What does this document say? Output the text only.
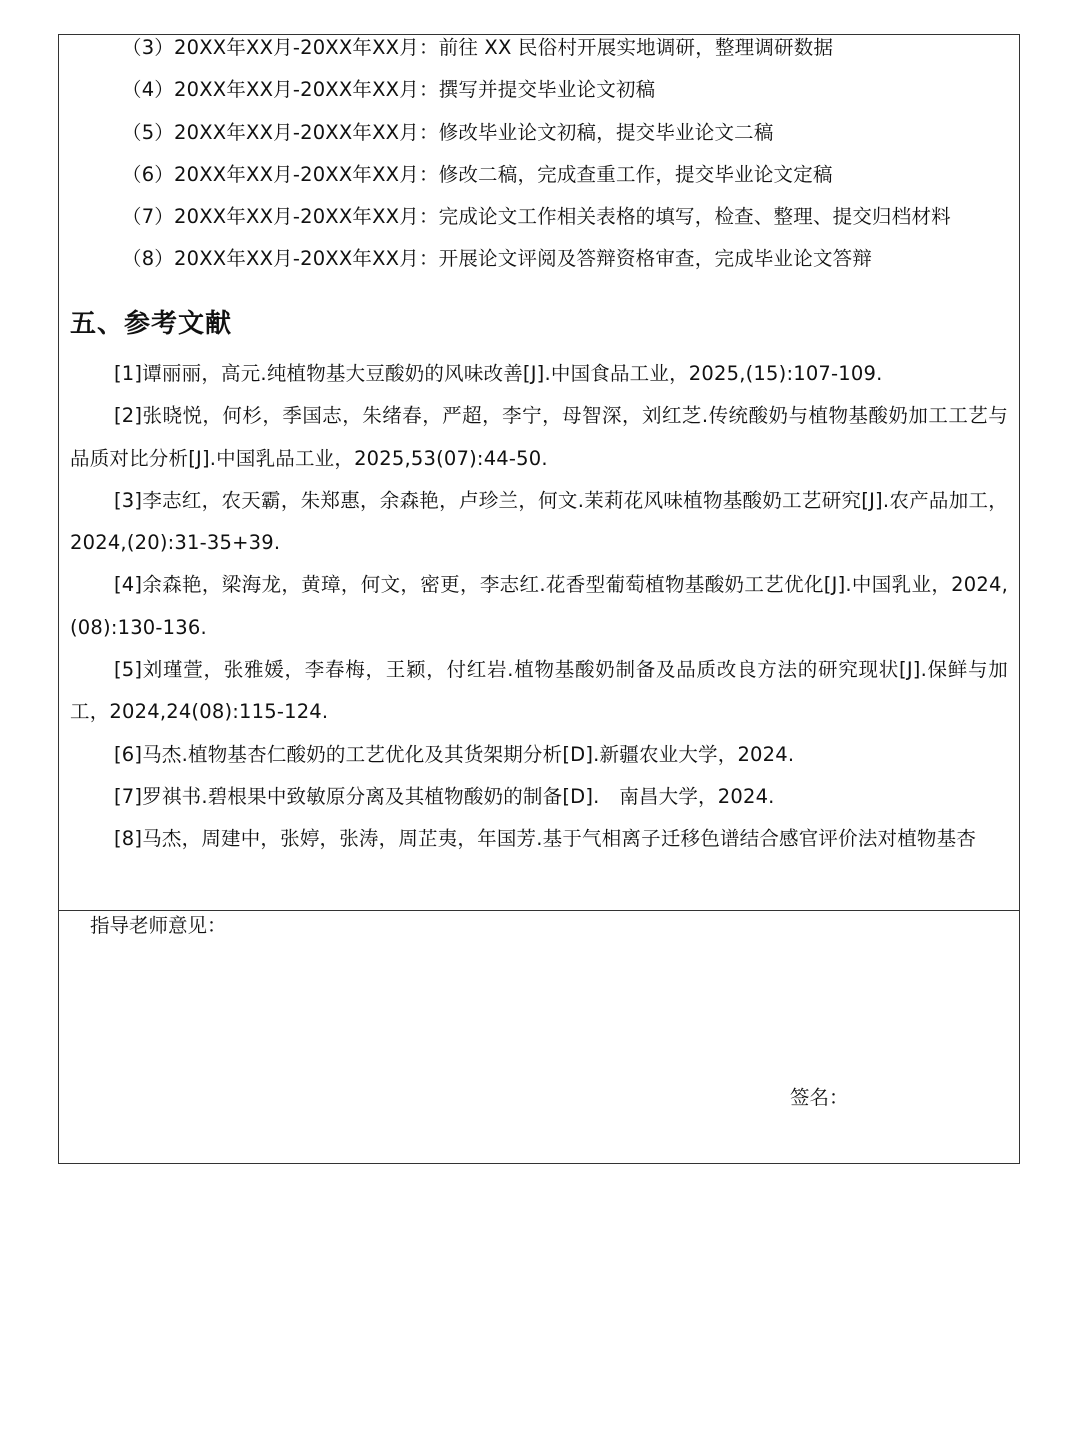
（3）20XX年XX月-20XX年XX月：前往 XX 民俗村开展实地调研，整理调研数据
（4）20XX年XX月-20XX年XX月：撰写并提交毕业论文初稿
（5）20XX年XX月-20XX年XX月：修改毕业论文初稿，提交毕业论文二稿
（6）20XX年XX月-20XX年XX月：修改二稿，完成查重工作，提交毕业论文定稿
（7）20XX年XX月-20XX年XX月：完成论文工作相关表格的填写，检查、整理、提交归档材料
（8）20XX年XX月-20XX年XX月：开展论文评阅及答辩资格审查，完成毕业论文答辩
五、参考文献

[1]谭丽丽，高元.纯植物基大豆酸奶的风味改善[J].中国食品工业，2025,(15):107-109.

[2]张晓悦，何杉，季国志，朱绪春，严超，李宁，母智深，刘红芝.传统酸奶与植物基酸奶加工工艺与品质对比分析[J].中国乳品工业，2025,53(07):44-50.

[3]李志红，农天霸，朱郑惠，余森艳，卢珍兰，何文.茉莉花风味植物基酸奶工艺研究[J].农产品加工，2024,(20):31-35+39.

[4]余森艳，梁海龙，黄璋，何文，密更，李志红.花香型葡萄植物基酸奶工艺优化[J].中国乳业，2024,(08):130-136.

[5]刘瑾萱，张雅媛，李春梅，王颖，付红岩.植物基酸奶制备及品质改良方法的研究现状[J].保鲜与加工，2024,24(08):115-124.

[6]马杰.植物基杏仁酸奶的工艺优化及其货架期分析[D].新疆农业大学，2024.

[7]罗祺书.碧根果中致敏原分离及其植物酸奶的制备[D].　南昌大学，2024.

[8]马杰，周建中，张婷，张涛，周芷夷，年国芳.基于气相离子迁移色谱结合感官评价法对植物基杏

指导老师意见：
签名：
